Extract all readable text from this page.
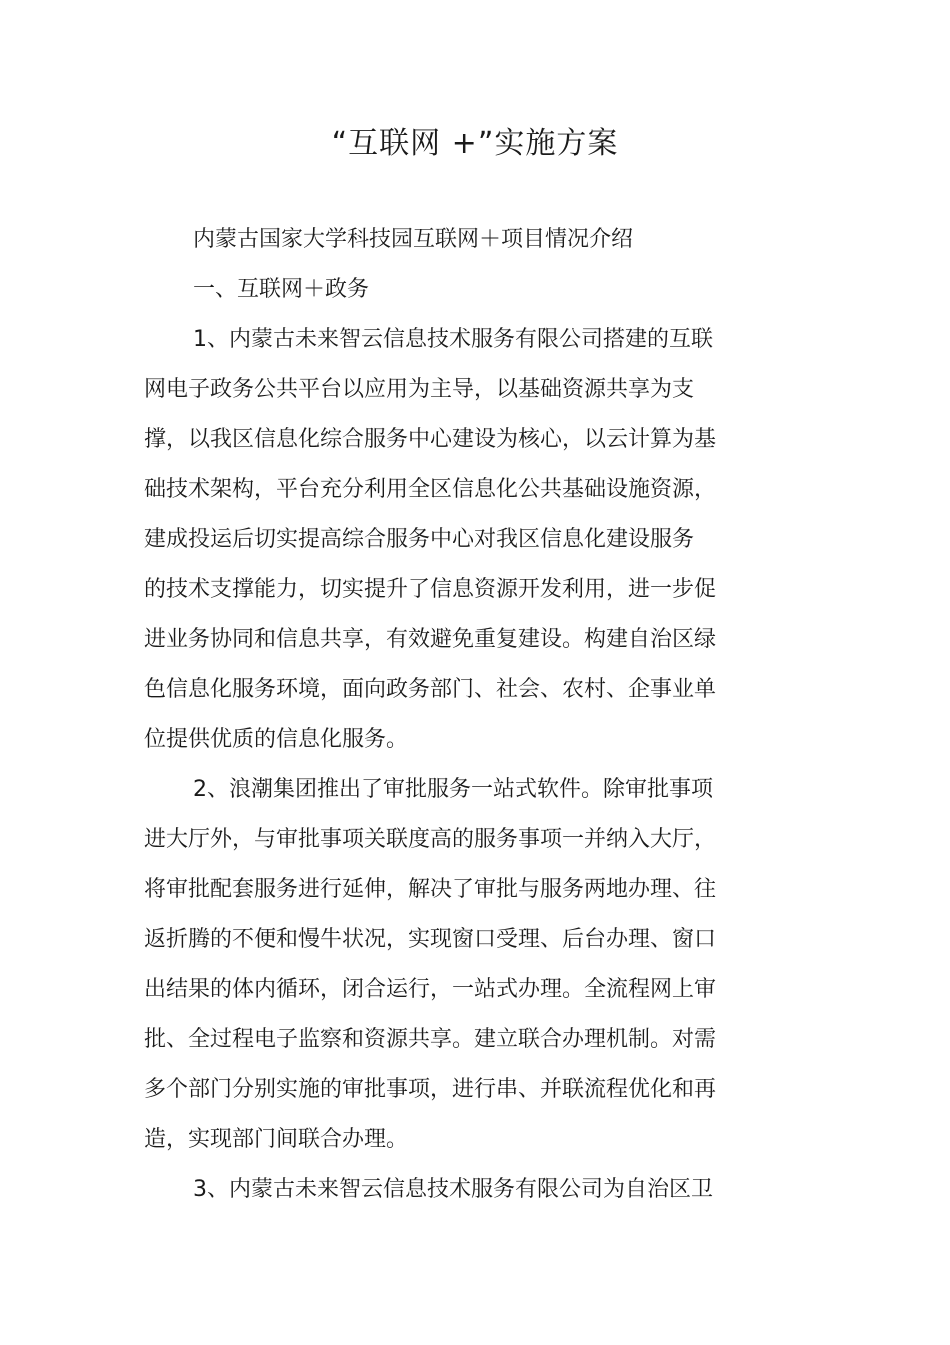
“互联网 +”实施方案

内蒙古国家大学科技园互联网＋项目情况介绍

一、互联网＋政务

1、内蒙古未来智云信息技术服务有限公司搭建的互联

网电子政务公共平台以应用为主导，以基础资源共享为支

撑，以我区信息化综合服务中心建设为核心，以云计算为基

础技术架构，平台充分利用全区信息化公共基础设施资源，

建成投运后切实提高综合服务中心对我区信息化建设服务

的技术支撑能力，切实提升了信息资源开发利用，进一步促

进业务协同和信息共享，有效避免重复建设。构建自治区绿

色信息化服务环境，面向政务部门、社会、农村、企事业单

位提供优质的信息化服务。

2、浪潮集团推出了审批服务一站式软件。除审批事项

进大厅外，与审批事项关联度高的服务事项一并纳入大厅，

将审批配套服务进行延伸，解决了审批与服务两地办理、往

返折腾的不便和慢牛状况，实现窗口受理、后台办理、窗口

出结果的体内循环，闭合运行，一站式办理。全流程网上审

批、全过程电子监察和资源共享。建立联合办理机制。对需

多个部门分别实施的审批事项，进行串、并联流程优化和再

造，实现部门间联合办理。

3、内蒙古未来智云信息技术服务有限公司为自治区卫
